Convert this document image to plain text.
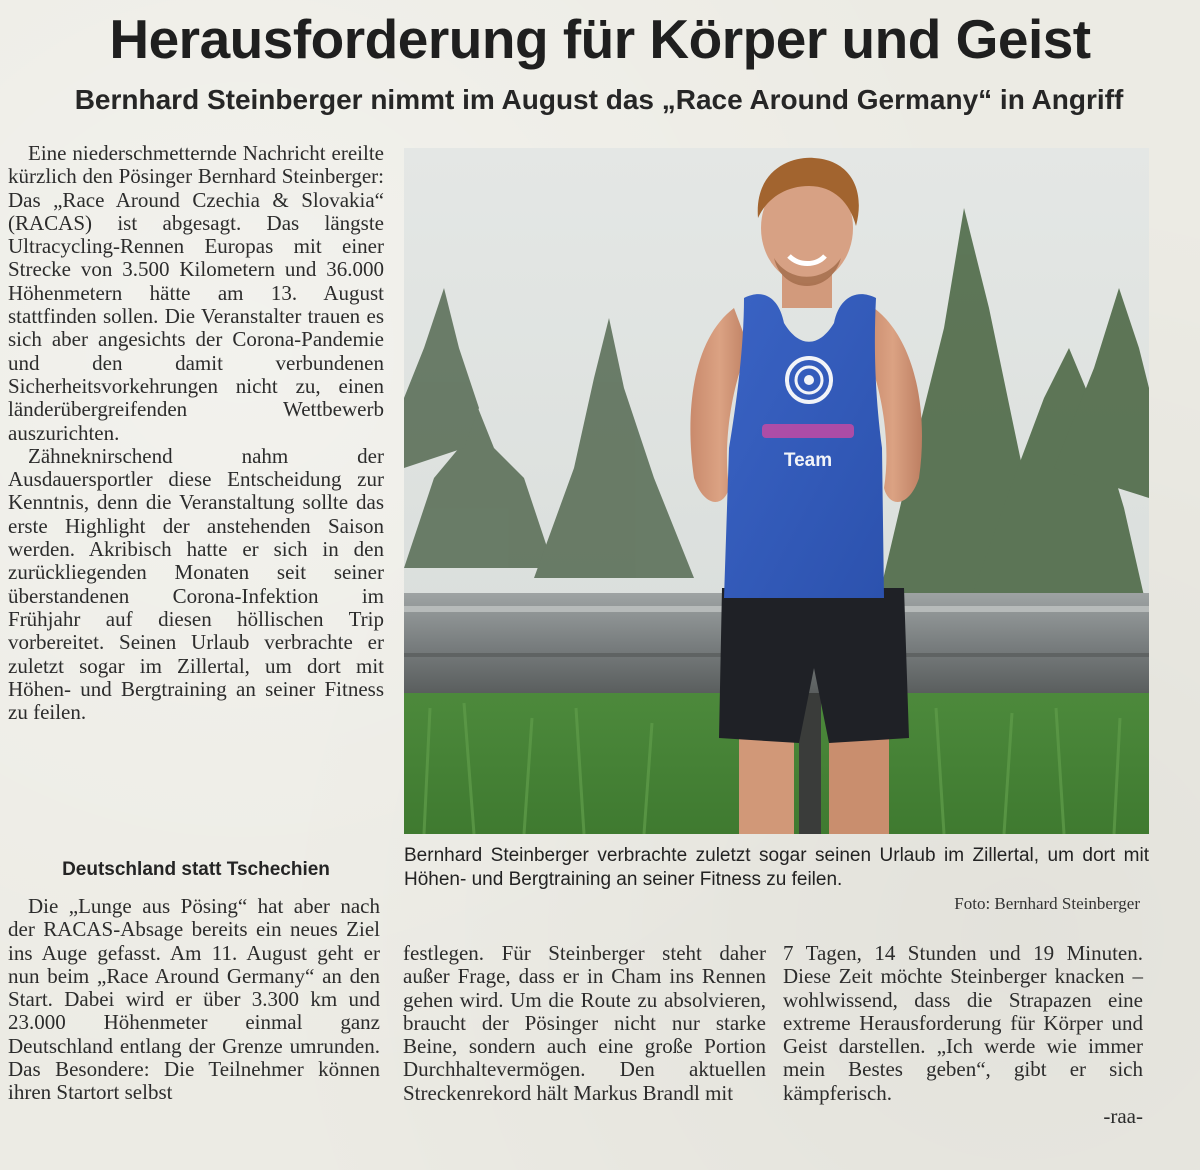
Herausforderung für Körper und Geist
Bernhard Steinberger nimmt im August das „Race Around Germany“ in Angriff

Eine niederschmetternde Nachricht ereilte kürzlich den Pösinger Bernhard Steinberger: Das „Race Around Czechia & Slovakia“ (RACAS) ist abgesagt. Das längste Ultracycling-Rennen Europas mit einer Strecke von 3.500 Kilometern und 36.000 Höhenmetern hätte am 13. August stattfinden sollen. Die Veranstalter trauen es sich aber angesichts der Corona-Pandemie und den damit verbundenen Sicherheitsvorkehrungen nicht zu, einen länderübergreifenden Wettbewerb auszurichten.

Zähneknirschend nahm der Ausdauersportler diese Entscheidung zur Kenntnis, denn die Veranstaltung sollte das erste Highlight der anstehenden Saison werden. Akribisch hatte er sich in den zurückliegenden Monaten seit seiner überstandenen Corona-Infektion im Frühjahr auf diesen höllischen Trip vorbereitet. Seinen Urlaub verbrachte er zuletzt sogar im Zillertal, um dort mit Höhen- und Bergtraining an seiner Fitness zu feilen.

Deutschland statt Tschechien

Die „Lunge aus Pösing“ hat aber nach der RACAS-Absage bereits ein neues Ziel ins Auge gefasst. Am 11. August geht er nun beim „Race Around Germany“ an den Start. Dabei wird er über 3.300 km und 23.000 Höhenmeter einmal ganz Deutschland entlang der Grenze umrunden. Das Besondere: Die Teilnehmer können ihren Startort selbst

festlegen. Für Steinberger steht daher außer Frage, dass er in Cham ins Rennen gehen wird. Um die Route zu absolvieren, braucht der Pösinger nicht nur starke Beine, sondern auch eine große Portion Durchhaltevermögen. Den aktuellen Streckenrekord hält Markus Brandl mit

7 Tagen, 14 Stunden und 19 Minuten. Diese Zeit möchte Steinberger knacken – wohlwissend, dass die Strapazen eine extreme Herausforderung für Körper und Geist darstellen. „Ich werde wie immer mein Bestes geben“, gibt er sich kämpferisch.

-raa-
Team
Bernhard Steinberger verbrachte zuletzt sogar seinen Urlaub im Zillertal, um dort mit Höhen- und Bergtraining an seiner Fitness zu feilen.
Foto: Bernhard Steinberger
